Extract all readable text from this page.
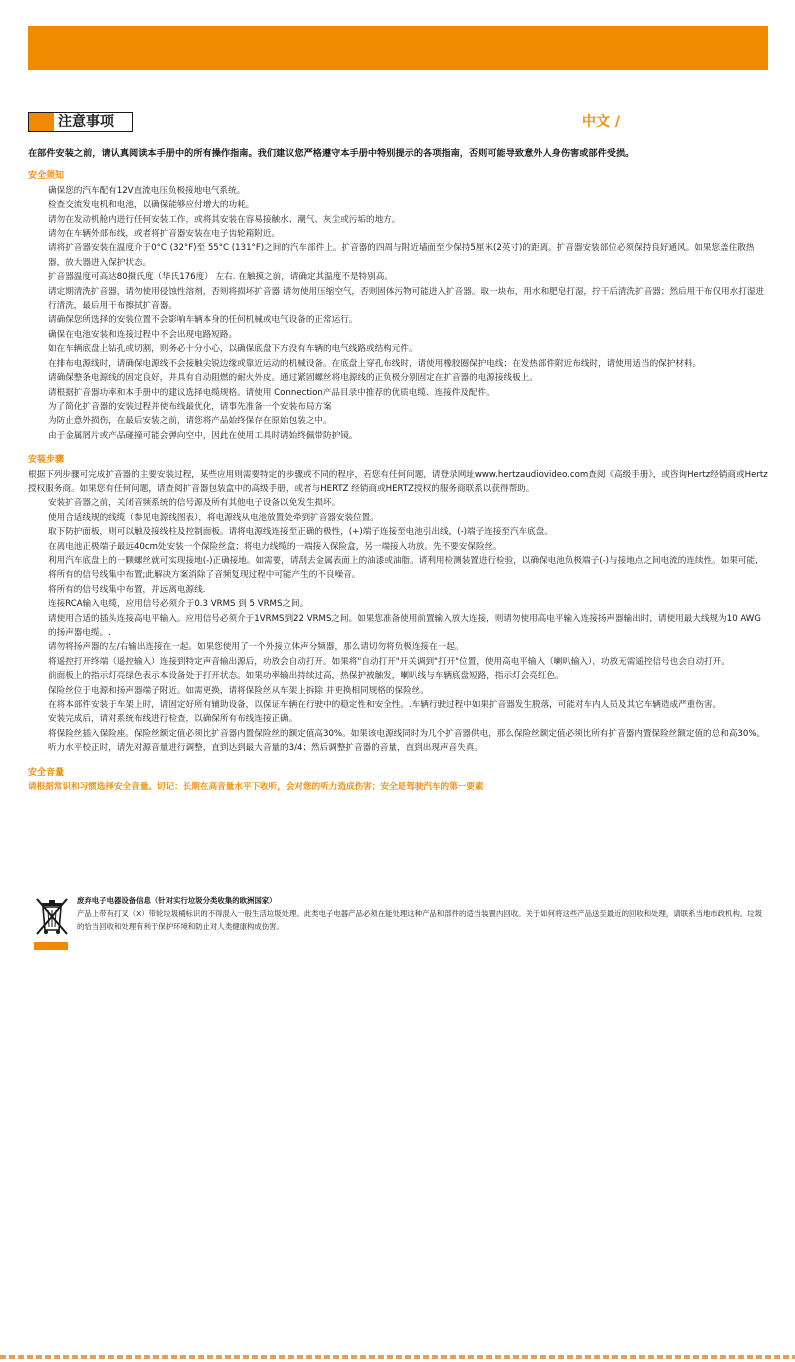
注意事项	中文 /

在部件安装之前，请认真阅读本手册中的所有操作指南。我们建议您严格遵守本手册中特别提示的各项指南，否则可能导致意外人身伤害或部件受损。

安全须知

确保您的汽车配有12V直流电压负极接地电气系统。
检查交流发电机和电池，以确保能够应付增大的功耗。
请勿在发动机舱内进行任何安装工作，或将其安装在容易接触水、潮气、灰尘或污垢的地方。
请勿在车辆外部布线，或者将扩音器安装在电子齿轮箱附近。
请将扩音器安装在温度介于0°C (32°F)至 55°C (131°F)之间的汽车部件上。扩音器的四周与附近墙面至少保持5厘米(2英寸)的距离。扩音器安装部位必须保持良好通风。如果您盖住散热器，放大器进入保护状态。
扩音器温度可高达80摄氏度（华氏176度） 左右. 在触摸之前，请确定其温度不是特别高。
请定期清洗扩音器，请勿使用侵蚀性溶剂，否则将损坏扩音器 请勿使用压缩空气，否则固体污物可能进入扩音器。取一块布，用水和肥皂打湿，拧干后清洗扩音器；然后用干布仅用水打湿进行清洗，最后用干布擦拭扩音器。
请确保您所选择的安装位置不会影响车辆本身的任何机械或电气设备的正常运行。
确保在电池安装和连接过程中不会出现电路短路。
如在车辆底盘上钻孔或切割，则务必十分小心，以确保底盘下方没有车辆的电气线路或结构元件。
在排布电源线时，请确保电源线不会接触尖锐边缘或靠近运动的机械设备。在底盘上穿孔布线时，请使用橡胶圈保护电线；在发热部件附近布线时，请使用适当的保护材料。
请确保整条电源线的固定良好，并具有自动阻燃的耐火外皮。通过紧固螺丝将电源线的正负极分别固定在扩音器的电源接线板上。
请根据扩音器功率和本手册中的建议选择电缆规格。请使用 Connection产品目录中推荐的优质电缆、连接件及配件。
为了简化扩音器的安装过程并使布线最优化，请事先准备一个安装布局方案
为防止意外损伤，在最后安装之前，请您将产品始终保存在原始包装之中。
由于金属屑片或产品碰撞可能会弹向空中，因此在使用工具时请始终佩带防护镜。

安装步骤

根据下列步骤可完成扩音器的主要安装过程，某些应用则需要特定的步骤或不同的程序，若您有任何问题，请登录网址www.hertzaudiovideo.com查阅《高级手册》，或咨询Hertz经销商或Hertz授权服务商。如果您有任何问题，请查阅扩音器包装盒中的高级手册，或者与HERTZ 经销商或HERTZ授权的服务商联系以获得帮助。

安装扩音器之前，关闭音频系统的信号源及所有其他电子设备以免发生损坏。
使用合适线规的线缆（参见电源线图表），将电源线从电池放置处牵到扩音器安装位置。
取下防护面板，则可以触及接线柱及控制面板。请将电源线连接至正确的极性，(+)端子连接至电池引出线，(-)端子连接至汽车底盘。
在离电池正极端子最远40cm处安装一个保险丝盒；将电力线缆的一端接入保险盒，另一端接入功放。先不要安保险丝。
利用汽车底盘上的一颗螺丝就可实现接地(-)正确接地。如需要，请刮去金属表面上的油漆或油脂。请利用检测装置进行检验，以确保电池负极端子(-)与接地点之间电流的连续性。如果可能, 将所有的信号线集中布置;此解决方案消除了音频复现过程中可能产生的不良噪音。
将所有的信号线集中布置，并远离电源线.
连接RCA输入电缆，应用信号必须介于0.3 VRMS 到 5 VRMS之间。
请使用合适的插头连接高电平输入。应用信号必须介于1VRMS到22 VRMS之间。如果您准备使用前置输入放大连接，则请勿使用高电平输入连接扬声器输出时，请使用最大线规为10 AWG的扬声器电缆。.
请勿将扬声器的左/右输出连接在一起。如果您使用了一个外接立体声分频器，那么请切勿将负极连接在一起。
将遥控打开终端（遥控输入）连接到特定声音输出源后，功放会自动打开。如果将"自动打开"开关调到"打开"位置，使用高电平输入（喇叭输入），功放无需遥控信号也会自动打开。
前面板上的指示灯亮绿色表示本设备处于打开状态。如果功率输出持续过高，热保护被触发，喇叭线与车辆底盘短路，指示灯会亮红色。
保险丝位于电源和扬声器端子附近。如需更换，请将保险丝从车架上拆除 并更换相同规格的保险丝。
在将本部件安装于车架上时，请固定好所有辅助设备，以保证车辆在行驶中的稳定性和安全性。.车辆行驶过程中如果扩音器发生脱落，可能对车内人员及其它车辆造成严重伤害。
安装完成后，请对系统布线进行检查，以确保所有布线连接正确。
将保险丝插入保险座。保险丝额定值必须比扩音器内置保险丝的额定值高30%。如果该电源线同时为几个扩音器供电，那么保险丝额定值必须比所有扩音器内置保险丝额定值的总和高30%。
听力水平校正时，请先对源音量进行调整，直到达到最大音量的3/4；然后调整扩音器的音量，直到出现声音失真。

安全音量

请根据常识和习惯选择安全音量。切记：长期在高音量水平下收听，会对您的听力造成伤害；安全是驾驶汽车的第一要素

废弃电子电器设备信息（针对实行垃圾分类收集的欧洲国家）

产品上带有打叉（X）带轮垃圾桶标识的不得混入一般生活垃圾处理。此类电子电器产品必须在能处理这种产品和部件的适当装置内回收。关于如何将这些产品送至最近的回收和处理，请联系当地市政机构。垃圾的恰当回收和处理有利于保护环境和防止对人类健康构成伤害。
